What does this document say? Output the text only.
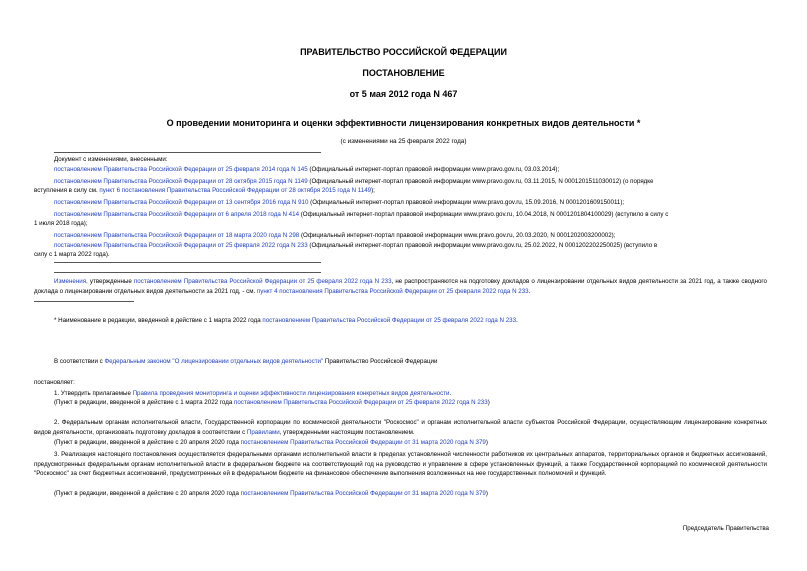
ПРАВИТЕЛЬСТВО РОССИЙСКОЙ ФЕДЕРАЦИИ
ПОСТАНОВЛЕНИЕ
от 5 мая 2012 года N 467
О проведении мониторинга и оценки эффективности лицензирования конкретных видов деятельности *
(с изменениями на 25 февраля 2022 года)
Документ с изменениями, внесенными:
постановлением Правительства Российской Федерации от 25 февраля 2014 года N 145 (Официальный интернет-портал правовой информации www.pravo.gov.ru, 03.03.2014);
постановлением Правительства Российской Федерации от 28 октября 2015 года N 1149 (Официальный интернет-портал правовой информации www.pravo.gov.ru, 03.11.2015, N 0001201511030012) (о порядке
вступления в силу см. пункт 6 постановления Правительства Российской Федерации от 28 октября 2015 года N 1149);
постановлением Правительства Российской Федерации от 13 сентября 2016 года N 910 (Официальный интернет-портал правовой информации www.pravo.gov.ru, 15.09.2016, N 0001201609150011);
постановлением Правительства Российской Федерации от 6 апреля 2018 года N 414 (Официальный интернет-портал правовой информации www.pravo.gov.ru, 10.04.2018, N 0001201804100029) (вступило в силу с
1 июля 2018 года);
постановлением Правительства Российской Федерации от 18 марта 2020 года N 298 (Официальный интернет-портал правовой информации www.pravo.gov.ru, 20.03.2020, N 0001202003200002);
постановлением Правительства Российской Федерации от 25 февраля 2022 года N 233 (Официальный интернет-портал правовой информации www.pravo.gov.ru, 25.02.2022, N 0001202202250025) (вступило в
силу с 1 марта 2022 года).
Изменения, утвержденные постановлением Правительства Российской Федерации от 25 февраля 2022 года N 233, не распространяются на подготовку докладов о лицензировании отдельных видов деятельности за 2021 год, а также сводного доклада о лицензировании отдельных видов деятельности за 2021 год, - см. пункт 4 постановления Правительства Российской Федерации от 25 февраля 2022 года N 233.
* Наименование в редакции, введенной в действие с 1 марта 2022 года постановлением Правительства Российской Федерации от 25 февраля 2022 года N 233.
В соответствии с Федеральным законом "О лицензировании отдельных видов деятельности" Правительство Российской Федерации
постановляет:
1. Утвердить прилагаемые Правила проведения мониторинга и оценки эффективности лицензирования конкретных видов деятельности.
(Пункт в редакции, введенной в действие с 1 марта 2022 года постановлением Правительства Российской Федерации от 25 февраля 2022 года N 233)
2. Федеральным органам исполнительной власти, Государственной корпорации по космической деятельности "Роскосмос" и органам исполнительной власти субъектов Российской Федерации, осуществляющим лицензирование конкретных видов деятельности, организовать подготовку докладов в соответствии с Правилами, утвержденными настоящим постановлением.
(Пункт в редакции, введенной в действие с 20 апреля 2020 года постановлением Правительства Российской Федерации от 31 марта 2020 года N 379)
3. Реализация настоящего постановления осуществляется федеральными органами исполнительной власти в пределах установленной численности работников их центральных аппаратов, территориальных органов и бюджетных ассигнований, предусмотренных федеральным органам исполнительной власти в федеральном бюджете на соответствующий год на руководство и управление в сфере установленных функций, а также Государственной корпорацией по космической деятельности "Роскосмос" за счет бюджетных ассигнований, предусмотренных ей в федеральном бюджете на финансовое обеспечение выполнения возложенных на нее государственных полномочий и функций.
(Пункт в редакции, введенной в действие с 20 апреля 2020 года постановлением Правительства Российской Федерации от 31 марта 2020 года N 379)
Председатель Правительства
